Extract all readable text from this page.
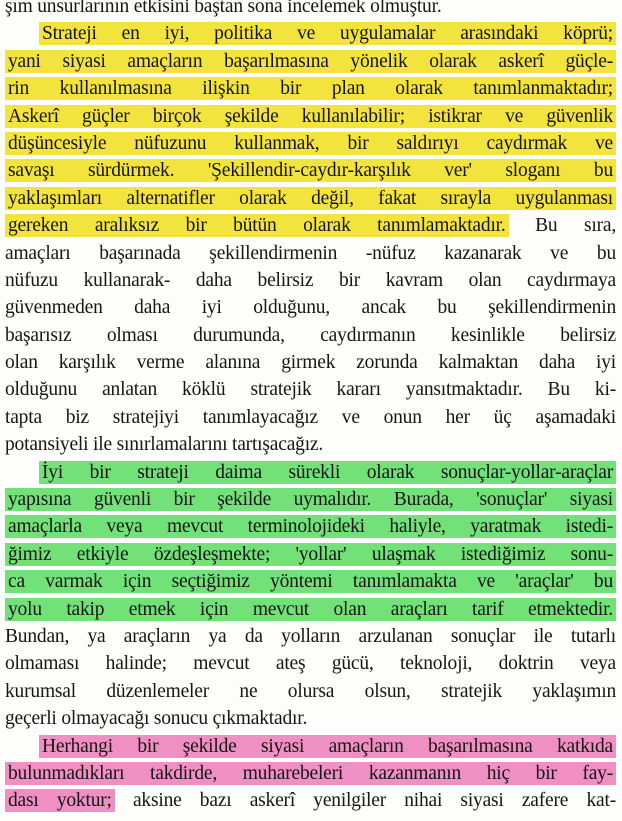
şım unsurlarının etkisini baştan sona incelemek olmuştur.
Strateji en iyi, politika ve uygulamalar arasındaki köprü;
yani siyasi amaçların başarılmasına yönelik olarak askerî güçle-
rin kullanılmasına ilişkin bir plan olarak tanımlanmaktadır;
Askerî güçler birçok şekilde kullanılabilir; istikrar ve güvenlik
düşüncesiyle nüfuzunu kullanmak, bir saldırıyı caydırmak ve
savaşı sürdürmek. 'Şekillendir-caydır-karşılık ver' sloganı bu
yaklaşımları alternatifler olarak değil, fakat sırayla uygulanması
gereken aralıksız bir bütün olarak tanımlamaktadır. Bu sıra,
amaçları başarınada şekillendirmenin -nüfuz kazanarak ve bu
nüfuzu kullanarak- daha belirsiz bir kavram olan caydırmaya
güvenmeden daha iyi olduğunu, ancak bu şekillendirmenin
başarısız olması durumunda, caydırmanın kesinlikle belirsiz
olan karşılık verme alanına girmek zorunda kalmaktan daha iyi
olduğunu anlatan köklü stratejik kararı yansıtmaktadır. Bu ki-
tapta biz stratejiyi tanımlayacağız ve onun her üç aşamadaki
potansiyeli ile sınırlamalarını tartışacağız.
İyi bir strateji daima sürekli olarak sonuçlar-yollar-araçlar
yapısına güvenli bir şekilde uymalıdır. Burada, 'sonuçlar' siyasi
amaçlarla veya mevcut terminolojideki haliyle, yaratmak istedi-
ğimiz etkiyle özdeşleşmekte; 'yollar' ulaşmak istediğimiz sonu-
ca varmak için seçtiğimiz yöntemi tanımlamakta ve 'araçlar' bu
yolu takip etmek için mevcut olan araçları tarif etmektedir.
Bundan, ya araçların ya da yolların arzulanan sonuçlar ile tutarlı
olmaması halinde; mevcut ateş gücü, teknoloji, doktrin veya
kurumsal düzenlemeler ne olursa olsun, stratejik yaklaşımın
geçerli olmayacağı sonucu çıkmaktadır.
Herhangi bir şekilde siyasi amaçların başarılmasına katkıda
bulunmadıkları takdirde, muharebeleri kazanmanın hiç bir fay-
dası yoktur; aksine bazı askerî yenilgiler nihai siyasi zafere kat-
